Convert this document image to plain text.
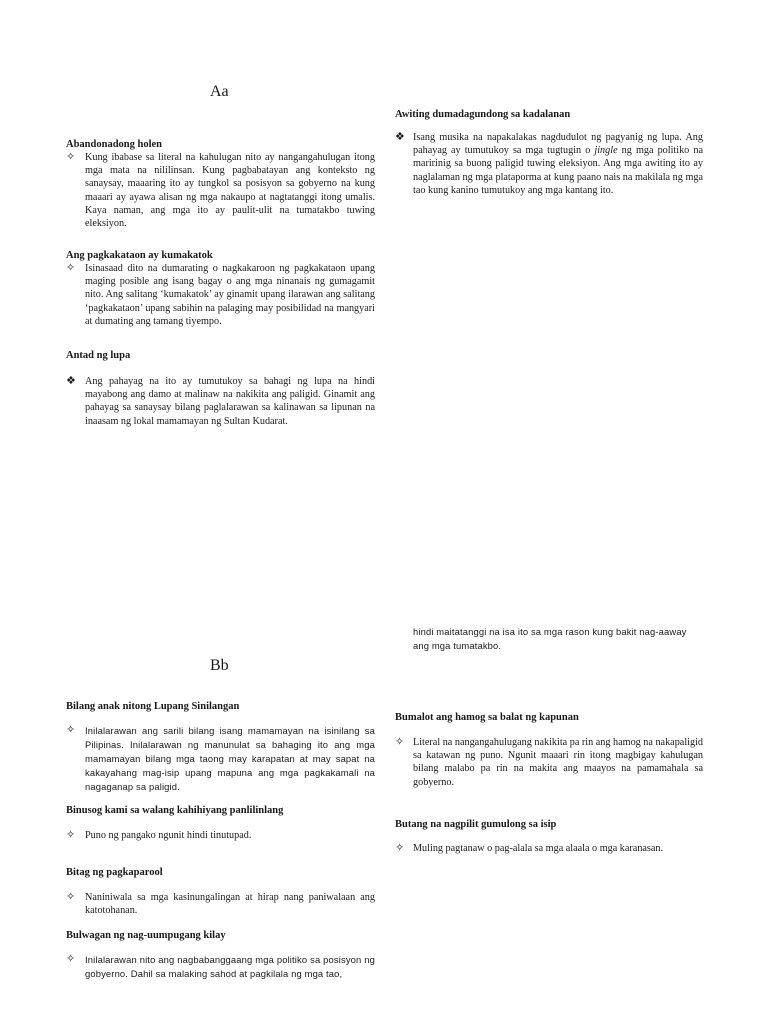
Aa
Abandonadong holen
✧ Kung ibabase sa literal na kahulugan nito ay nangangahulugan itong mga mata na nililinsan. Kung pagbabatayan ang konteksto ng sanaysay, maaaring ito ay tungkol sa posisyon sa gobyerno na kung maaari ay ayawa alisan ng mga nakaupo at nagtatanggi itong umalis. Kaya naman, ang mga ito ay paulit-ulit na tumatakbo tuwing eleksiyon.
Ang pagkakataon ay kumakatok
✧ Isinasaad dito na dumarating o nagkakaroon ng pagkakataon upang maging posible ang isang bagay o ang mga ninanais ng gumagamit nito. Ang salitang ‘kumakatok’ ay ginamit upang ilarawan ang salitang ‘pagkakataon’ upang sabihin na palaging may posibilidad na mangyari at dumating ang tamang tiyempo.
Antad ng lupa
❖ Ang pahayag na ito ay tumutukoy sa bahagi ng lupa na hindi mayabong ang damo at malinaw na nakikita ang paligid. Ginamit ang pahayag sa sanaysay bilang paglalarawan sa kalinawan sa lipunan na inaasam ng lokal mamamayan ng Sultan Kudarat.
Awiting dumadagundong sa kadalanan
❖ Isang musika na napakalakas nagdudulot ng pagyanig ng lupa. Ang pahayag ay tumutukoy sa mga tugtugin o jingle ng mga politiko na maririnig sa buong paligid tuwing eleksiyon. Ang mga awiting ito ay naglalaman ng mga plataporma at kung paano nais na makilala ng mga tao kung kanino tumutukoy ang mga kantang ito.
hindi maitatanggi na isa ito sa mga rason kung bakit nag-aaway ang mga tumatakbo.
Bb
Bilang anak nitong Lupang Sinilangan
✧ Inilalarawan ang sarili bilang isang mamamayan na isinilang sa Pilipinas. Inilalarawan ng manunulat sa bahaging ito ang mga mamamayan bilang mga taong may karapatan at may sapat na kakayahang mag-isip upang mapuna ang mga pagkakamali na nagaganap sa paligid.
Binusog kami sa walang kahihiyang panlilinlang
✧ Puno ng pangako ngunit hindi tinutupad.
Bitag ng pagkaparool
✧ Naniniwala sa mga kasinungalingan at hirap nang paniwalaan ang katotohanan.
Bulwagan ng nag-uumpugang kilay
✧ Inilalarawan nito ang nagbabanggaang mga politiko sa posisyon ng gobyerno. Dahil sa malaking sahod at pagkilala ng mga tao,
Bumalot ang hamog sa balat ng kapunan
✧ Literal na nangangahulugang nakikita pa rin ang hamog na nakapaligid sa katawan ng puno. Ngunit maaari rin itong magbigay kahulugan bilang malabo pa rin na makita ang maayos na pamamahala sa gobyerno.
Butang na nagpilit gumulong sa isip
✧ Muling pagtanaw o pag-alala sa mga alaala o mga karanasan.
